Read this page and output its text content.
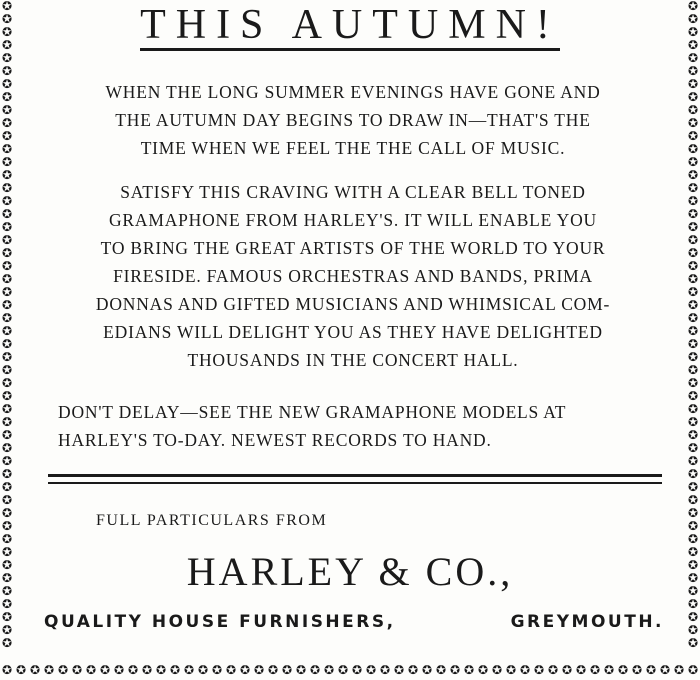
✪
✪
✪
✪
✪
✪
✪
✪
✪
✪
✪
✪
✪
✪
✪
✪
✪
✪
✪
✪
✪
✪
✪
✪
✪
✪
✪
✪
✪
✪
✪
✪
✪
✪
✪
✪
✪
✪
✪
✪
✪
✪
✪
✪
✪
✪
✪
✪
✪
✪
✪
✪
✪
✪
✪
✪
✪
✪
✪
✪
✪
✪
✪
✪
✪
✪
✪
✪
✪
✪
✪
✪
✪
✪
✪
✪
✪
✪
✪
✪
✪
✪
✪
✪
✪
✪
✪
✪
✪
✪
✪
✪
✪
✪
✪
✪
✪
✪
✪
✪
✪ ✪ ✪ ✪ ✪ ✪ ✪ ✪ ✪ ✪ ✪ ✪ ✪ ✪ ✪ ✪ ✪ ✪ ✪ ✪ ✪ ✪ ✪ ✪ ✪ ✪ ✪ ✪ ✪ ✪ ✪ ✪ ✪ ✪ ✪ ✪ ✪ ✪ ✪ ✪ ✪ ✪ ✪ ✪ ✪ ✪ ✪ ✪ ✪ ✪
THIS AUTUMN!
WHEN THE LONG SUMMER EVENINGS HAVE GONE AND
THE AUTUMN DAY BEGINS TO DRAW IN—THAT'S THE
TIME WHEN WE FEEL THE THE CALL OF MUSIC.
SATISFY THIS CRAVING WITH A CLEAR BELL TONED
GRAMAPHONE FROM HARLEY'S. IT WILL ENABLE YOU
TO BRING THE GREAT ARTISTS OF THE WORLD TO YOUR
FIRESIDE. FAMOUS ORCHESTRAS AND BANDS, PRIMA
DONNAS AND GIFTED MUSICIANS AND WHIMSICAL COM-
EDIANS WILL DELIGHT YOU AS THEY HAVE DELIGHTED
THOUSANDS IN THE CONCERT HALL.
DON'T DELAY—SEE THE NEW GRAMAPHONE MODELS AT
HARLEY'S TO-DAY. NEWEST RECORDS TO HAND.
FULL PARTICULARS FROM
HARLEY & CO.,
QUALITY HOUSE FURNISHERS,	GREYMOUTH.
